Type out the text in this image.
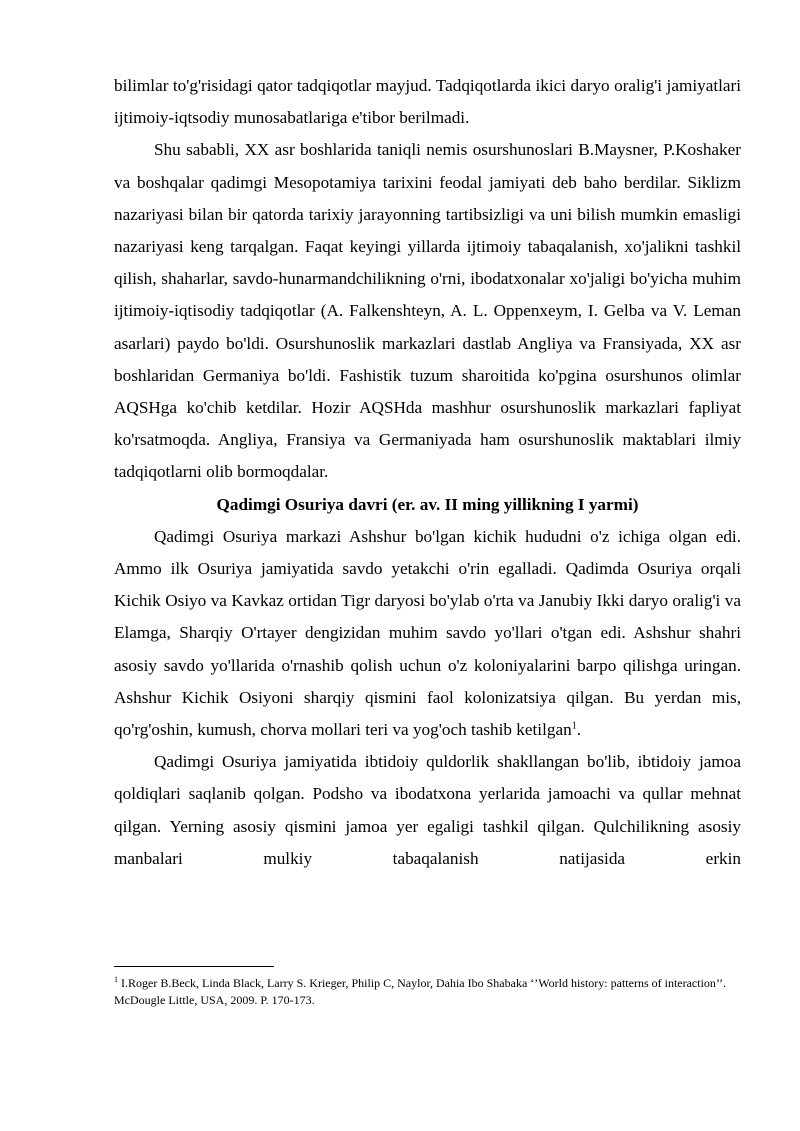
bilimlar to'g'risidagi qator tadqiqotlar mayjud. Tadqiqotlarda ikici daryo oralig'i jamiyatlari ijtimoiy-iqtsodiy munosabatlariga e'tibor berilmadi.

Shu sababli, XX asr boshlarida taniqli nemis osurshunoslari B.Maysner, P.Koshaker va boshqalar qadimgi Mesopotamiya tarixini feodal jamiyati deb baho berdilar. Siklizm nazariyasi bilan bir qatorda tarixiy jarayonning tartibsizligi va uni bilish mumkin emasligi nazariyasi keng tarqalgan. Faqat keyingi yillarda ijtimoiy tabaqalanish, xo'jalikni tashkil qilish, shaharlar, savdo-hunarmandchilikning o'rni, ibodatxonalar xo'jaligi bo'yicha muhim ijtimoiy-iqtisodiy tadqiqotlar (A. Falkenshteyn, A. L. Oppenxeym, I. Gelba va V. Leman asarlari) paydo bo'ldi. Osurshunoslik markazlari dastlab Angliya va Fransiyada, XX asr boshlaridan Germaniya bo'ldi. Fashistik tuzum sharoitida ko'pgina osurshunos olimlar AQSHga ko'chib ketdilar. Hozir AQSHda mashhur osurshunoslik markazlari fapliyat ko'rsatmoqda. Angliya, Fransiya va Germaniyada ham osurshunoslik maktablari ilmiy tadqiqotlarni olib bormoqdalar.

Qadimgi Osuriya davri (er. av. II ming yillikning I yarmi)

Qadimgi Osuriya markazi Ashshur bo'lgan kichik hududni o'z ichiga olgan edi. Ammo ilk Osuriya jamiyatida savdo yetakchi o'rin egalladi. Qadimda Osuriya orqali Kichik Osiyo va Kavkaz ortidan Tigr daryosi bo'ylab o'rta va Janubiy Ikki daryo oralig'i va Elamga, Sharqiy O'rtayer dengizidan muhim savdo yo'llari o'tgan edi. Ashshur shahri asosiy savdo yo'llarida o'rnashib qolish uchun o'z koloniyalarini barpo qilishga uringan. Ashshur Kichik Osiyoni sharqiy qismini faol kolonizatsiya qilgan. Bu yerdan mis, qo'rg'oshin, kumush, chorva mollari teri va yog'och tashib ketilgan$^1$.

Qadimgi Osuriya jamiyatida ibtidoiy quldorlik shakllangan bo'lib, ibtidoiy jamoa qoldiqlari saqlanib qolgan. Podsho va ibodatxona yerlarida jamoachi va qullar mehnat qilgan. Yerning asosiy qismini jamoa yer egaligi tashkil qilgan. Qulchilikning asosiy manbalari mulkiy tabaqalanish natijasida erkin

$^1$ I.Roger B.Beck, Linda Black, Larry S. Krieger, Philip C, Naylor, Dahia Ibo Shabaka ‘’World history: patterns of interaction’’. McDougle Little, USA, 2009. P. 170-173.
